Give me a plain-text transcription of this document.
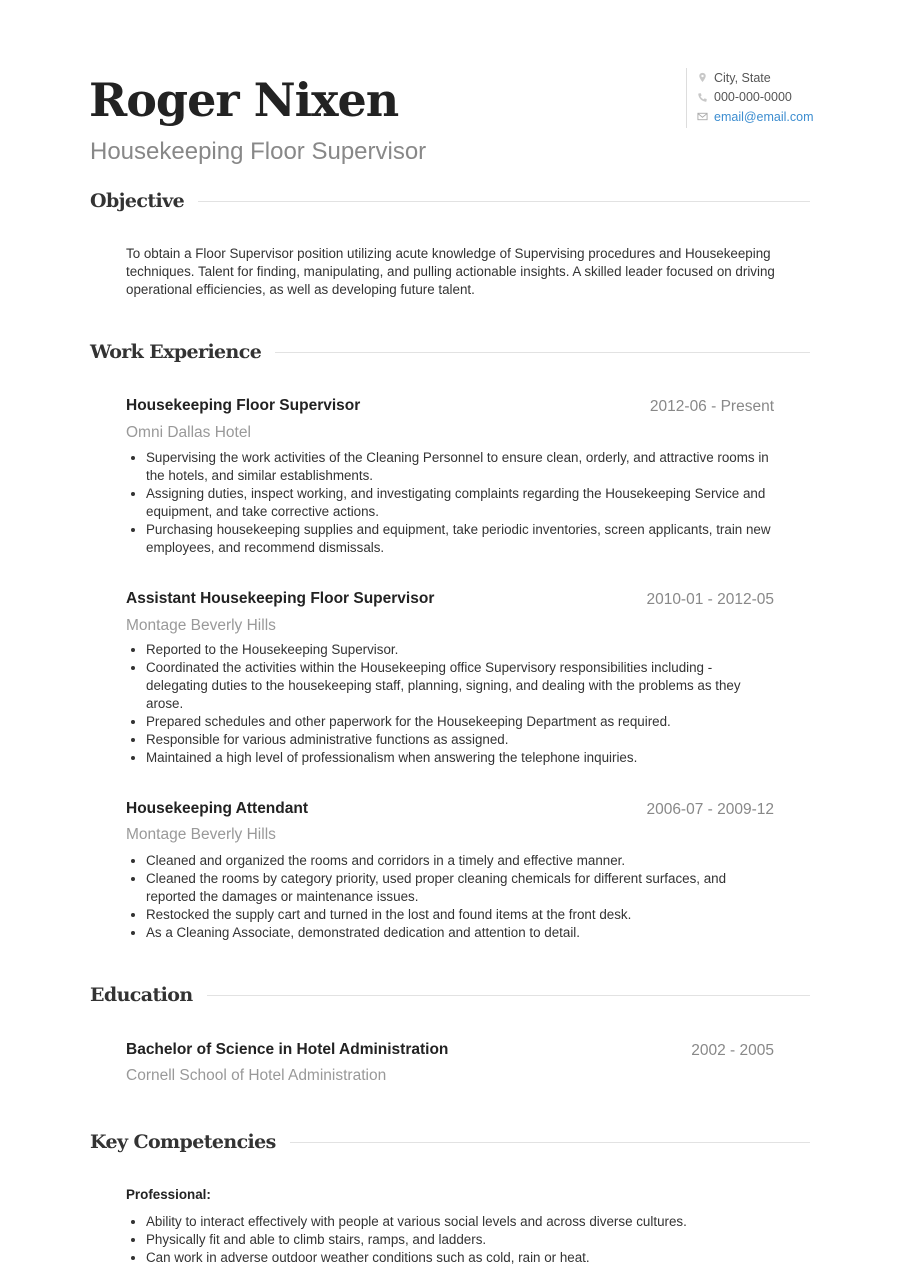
Roger Nixen
Housekeeping Floor Supervisor
City, State
000-000-0000
email@email.com
Objective

To obtain a Floor Supervisor position utilizing acute knowledge of Supervising procedures and Housekeeping techniques. Talent for finding, manipulating, and pulling actionable insights. A skilled leader focused on driving operational efficiencies, as well as developing future talent.

Work Experience
Housekeeping Floor Supervisor	2012-06 - Present
Omni Dallas Hotel
• Supervising the work activities of the Cleaning Personnel to ensure clean, orderly, and attractive rooms in the hotels, and similar establishments.
• Assigning duties, inspect working, and investigating complaints regarding the Housekeeping Service and equipment, and take corrective actions.
• Purchasing housekeeping supplies and equipment, take periodic inventories, screen applicants, train new employees, and recommend dismissals.
Assistant Housekeeping Floor Supervisor	2010-01 - 2012-05
Montage Beverly Hills
• Reported to the Housekeeping Supervisor.
• Coordinated the activities within the Housekeeping office Supervisory responsibilities including - delegating duties to the housekeeping staff, planning, signing, and dealing with the problems as they arose.
• Prepared schedules and other paperwork for the Housekeeping Department as required.
• Responsible for various administrative functions as assigned.
• Maintained a high level of professionalism when answering the telephone inquiries.
Housekeeping Attendant	2006-07 - 2009-12
Montage Beverly Hills
• Cleaned and organized the rooms and corridors in a timely and effective manner.
• Cleaned the rooms by category priority, used proper cleaning chemicals for different surfaces, and reported the damages or maintenance issues.
• Restocked the supply cart and turned in the lost and found items at the front desk.
• As a Cleaning Associate, demonstrated dedication and attention to detail.
Education
Bachelor of Science in Hotel Administration	2002 - 2005
Cornell School of Hotel Administration
Key Competencies
Professional:
• Ability to interact effectively with people at various social levels and across diverse cultures.
• Physically fit and able to climb stairs, ramps, and ladders.
• Can work in adverse outdoor weather conditions such as cold, rain or heat.
